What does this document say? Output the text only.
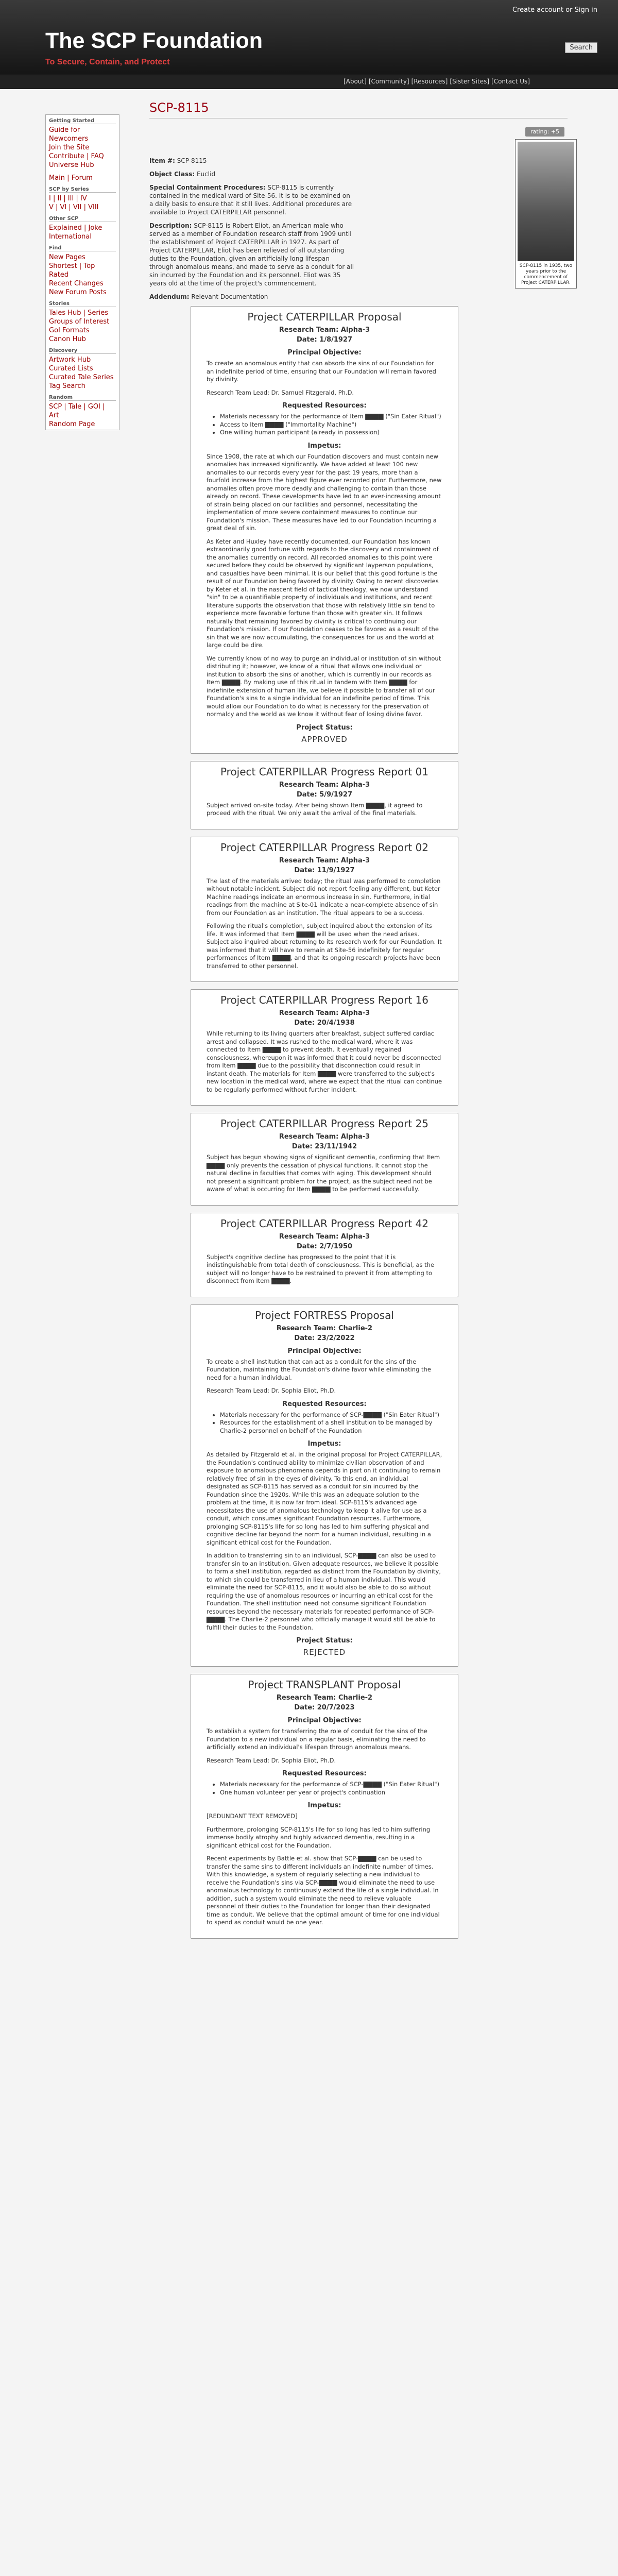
The SCP Foundation
To Secure, Contain, and Protect
Create account or Sign in
Search
[About] [Community] [Resources] [Sister Sites] [Contact Us]
Getting Started
Guide for Newcomers
Join the Site
Contribute | FAQ
Universe Hub
Main | Forum
SCP by Series
I | II | III | IV
V | VI | VII | VIII
Other SCP
Explained | Joke
International
Find
New Pages
Shortest | Top Rated
Recent Changes
New Forum Posts
Stories
Tales Hub | Series
Groups of Interest
GoI Formats
Canon Hub
Discovery
Artwork Hub
Curated Lists
Curated Tale Series
Tag Search
Random
SCP | Tale | GOI | Art
Random Page
SCP-8115
rating: +5
SCP-8115 in 1935, two years prior to the commencement of Project CATERPILLAR.

Item #: SCP-8115

Object Class: Euclid

Special Containment Procedures: SCP-8115 is currently contained in the medical ward of Site-56. It is to be examined on a daily basis to ensure that it still lives. Additional procedures are available to Project CATERPILLAR personnel.

Description: SCP-8115 is Robert Eliot, an American male who served as a member of Foundation research staff from 1909 until the establishment of Project CATERPILLAR in 1927. As part of Project CATERPILLAR, Eliot has been relieved of all outstanding duties to the Foundation, given an artificially long lifespan through anomalous means, and made to serve as a conduit for all sin incurred by the Foundation and its personnel. Eliot was 35 years old at the time of the project's commencement.

Addendum: Relevant Documentation

Project CATERPILLAR Proposal
Research Team: Alpha-3
Date: 1/8/1927
Principal Objective:

To create an anomalous entity that can absorb the sins of our Foundation for an indefinite period of time, ensuring that our Foundation will remain favored by divinity.

Research Team Lead: Dr. Samuel Fitzgerald, Ph.D.

Requested Resources:
• Materials necessary for the performance of Item ▇▇▇▇ ("Sin Eater Ritual")
• Access to Item ▇▇▇▇ ("Immortality Machine")
• One willing human participant (already in possession)
Impetus:

Since 1908, the rate at which our Foundation discovers and must contain new anomalies has increased significantly. We have added at least 100 new anomalies to our records every year for the past 19 years, more than a fourfold increase from the highest figure ever recorded prior. Furthermore, new anomalies often prove more deadly and challenging to contain than those already on record. These developments have led to an ever-increasing amount of strain being placed on our facilities and personnel, necessitating the implementation of more severe containment measures to continue our Foundation's mission. These measures have led to our Foundation incurring a great deal of sin.

As Keter and Huxley have recently documented, our Foundation has known extraordinarily good fortune with regards to the discovery and containment of the anomalies currently on record. All recorded anomalies to this point were secured before they could be observed by significant layperson populations, and casualties have been minimal. It is our belief that this good fortune is the result of our Foundation being favored by divinity. Owing to recent discoveries by Keter et al. in the nascent field of tactical theology, we now understand "sin" to be a quantifiable property of individuals and institutions, and recent literature supports the observation that those with relatively little sin tend to experience more favorable fortune than those with greater sin. It follows naturally that remaining favored by divinity is critical to continuing our Foundation's mission. If our Foundation ceases to be favored as a result of the sin that we are now accumulating, the consequences for us and the world at large could be dire.

We currently know of no way to purge an individual or institution of sin without distributing it; however, we know of a ritual that allows one individual or institution to absorb the sins of another, which is currently in our records as Item ▇▇▇▇. By making use of this ritual in tandem with Item ▇▇▇▇ for indefinite extension of human life, we believe it possible to transfer all of our Foundation's sins to a single individual for an indefinite period of time. This would allow our Foundation to do what is necessary for the preservation of normalcy and the world as we know it without fear of losing divine favor.

Project Status:
APPROVED
Project CATERPILLAR Progress Report 01
Research Team: Alpha-3
Date: 5/9/1927

Subject arrived on-site today. After being shown Item ▇▇▇▇, it agreed to proceed with the ritual. We only await the arrival of the final materials.

Project CATERPILLAR Progress Report 02
Research Team: Alpha-3
Date: 11/9/1927

The last of the materials arrived today; the ritual was performed to completion without notable incident. Subject did not report feeling any different, but Keter Machine readings indicate an enormous increase in sin. Furthermore, initial readings from the machine at Site-01 indicate a near-complete absence of sin from our Foundation as an institution. The ritual appears to be a success.

Following the ritual's completion, subject inquired about the extension of its life. It was informed that Item ▇▇▇▇ will be used when the need arises. Subject also inquired about returning to its research work for our Foundation. It was informed that it will have to remain at Site-56 indefinitely for regular performances of Item ▇▇▇▇, and that its ongoing research projects have been transferred to other personnel.

Project CATERPILLAR Progress Report 16
Research Team: Alpha-3
Date: 20/4/1938

While returning to its living quarters after breakfast, subject suffered cardiac arrest and collapsed. It was rushed to the medical ward, where it was connected to Item ▇▇▇▇ to prevent death. It eventually regained consciousness, whereupon it was informed that it could never be disconnected from Item ▇▇▇▇ due to the possibility that disconnection could result in instant death. The materials for Item ▇▇▇▇ were transferred to the subject's new location in the medical ward, where we expect that the ritual can continue to be regularly performed without further incident.

Project CATERPILLAR Progress Report 25
Research Team: Alpha-3
Date: 23/11/1942

Subject has begun showing signs of significant dementia, confirming that Item ▇▇▇▇ only prevents the cessation of physical functions. It cannot stop the natural decline in faculties that comes with aging. This development should not present a significant problem for the project, as the subject need not be aware of what is occurring for Item ▇▇▇▇ to be performed successfully.

Project CATERPILLAR Progress Report 42
Research Team: Alpha-3
Date: 2/7/1950

Subject's cognitive decline has progressed to the point that it is indistinguishable from total death of consciousness. This is beneficial, as the subject will no longer have to be restrained to prevent it from attempting to disconnect from Item ▇▇▇▇.

Project FORTRESS Proposal
Research Team: Charlie-2
Date: 23/2/2022
Principal Objective:

To create a shell institution that can act as a conduit for the sins of the Foundation, maintaining the Foundation's divine favor while eliminating the need for a human individual.

Research Team Lead: Dr. Sophia Eliot, Ph.D.

Requested Resources:
• Materials necessary for the performance of SCP-▇▇▇▇ ("Sin Eater Ritual")
• Resources for the establishment of a shell institution to be managed by Charlie-2 personnel on behalf of the Foundation
Impetus:

As detailed by Fitzgerald et al. in the original proposal for Project CATERPILLAR, the Foundation's continued ability to minimize civilian observation of and exposure to anomalous phenomena depends in part on it continuing to remain relatively free of sin in the eyes of divinity. To this end, an individual designated as SCP-8115 has served as a conduit for sin incurred by the Foundation since the 1920s. While this was an adequate solution to the problem at the time, it is now far from ideal. SCP-8115's advanced age necessitates the use of anomalous technology to keep it alive for use as a conduit, which consumes significant Foundation resources. Furthermore, prolonging SCP-8115's life for so long has led to him suffering physical and cognitive decline far beyond the norm for a human individual, resulting in a significant ethical cost for the Foundation.

In addition to transferring sin to an individual, SCP-▇▇▇▇ can also be used to transfer sin to an institution. Given adequate resources, we believe it possible to form a shell institution, regarded as distinct from the Foundation by divinity, to which sin could be transferred in lieu of a human individual. This would eliminate the need for SCP-8115, and it would also be able to do so without requiring the use of anomalous resources or incurring an ethical cost for the Foundation. The shell institution need not consume significant Foundation resources beyond the necessary materials for repeated performance of SCP-▇▇▇▇. The Charlie-2 personnel who officially manage it would still be able to fulfill their duties to the Foundation.

Project Status:
REJECTED
Project TRANSPLANT Proposal
Research Team: Charlie-2
Date: 20/7/2023
Principal Objective:

To establish a system for transferring the role of conduit for the sins of the Foundation to a new individual on a regular basis, eliminating the need to artificially extend an individual's lifespan through anomalous means.

Research Team Lead: Dr. Sophia Eliot, Ph.D.

Requested Resources:
• Materials necessary for the performance of SCP-▇▇▇▇ ("Sin Eater Ritual")
• One human volunteer per year of project's continuation
Impetus:

[REDUNDANT TEXT REMOVED]

Furthermore, prolonging SCP-8115's life for so long has led to him suffering immense bodily atrophy and highly advanced dementia, resulting in a significant ethical cost for the Foundation.

Recent experiments by Battle et al. show that SCP-▇▇▇▇ can be used to transfer the same sins to different individuals an indefinite number of times. With this knowledge, a system of regularly selecting a new individual to receive the Foundation's sins via SCP-▇▇▇▇ would eliminate the need to use anomalous technology to continuously extend the life of a single individual. In addition, such a system would eliminate the need to relieve valuable personnel of their duties to the Foundation for longer than their designated time as conduit. We believe that the optimal amount of time for one individual to spend as conduit would be one year.
